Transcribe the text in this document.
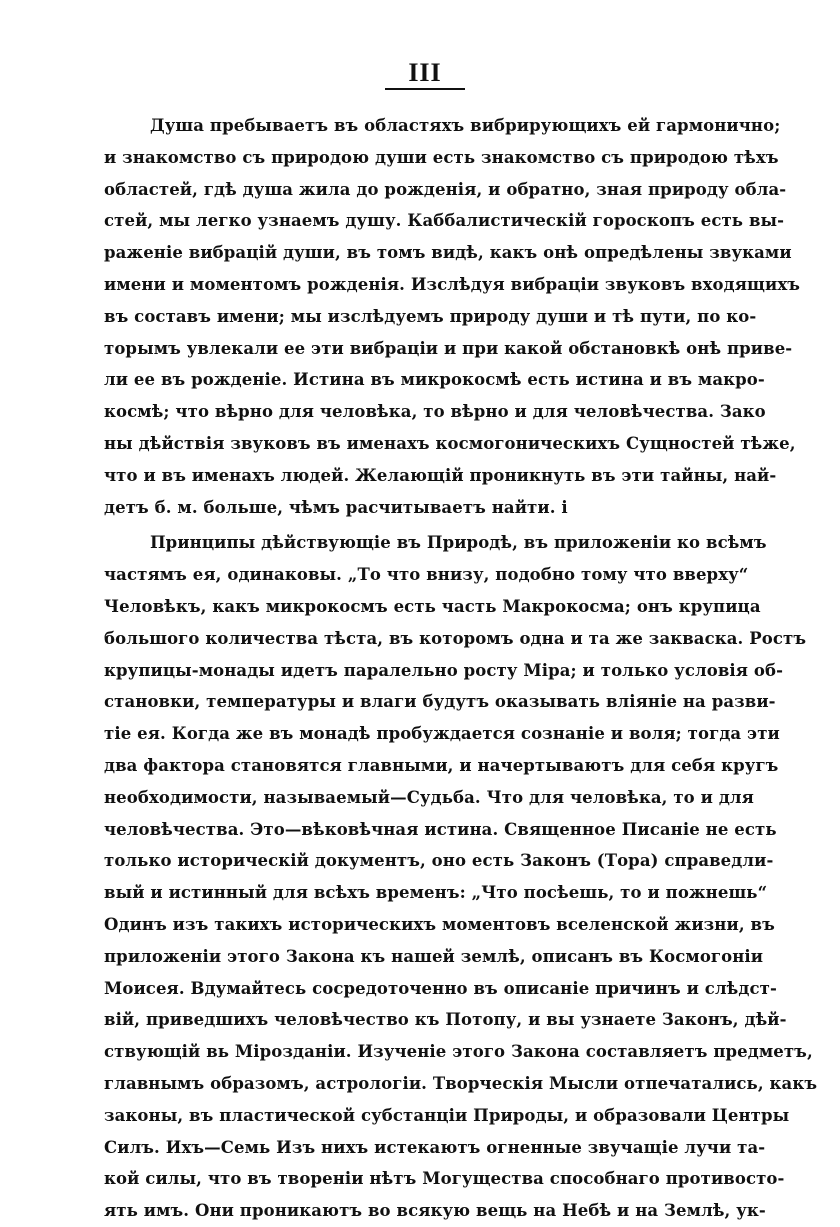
III
Душа пребываетъ въ областяхъ вибрирующихъ ей гармонично;
и знакомство съ природою души есть знакомство съ природою тѣхъ
областей, гдѣ душа жила до рожденія, и обратно, зная природу обла-
стей, мы легко узнаемъ душу. Каббалистическій гороскопъ есть вы-
раженіе вибрацій души, въ томъ видѣ, какъ онѣ опредѣлены звуками
имени и моментомъ рожденія. Изслѣдуя вибраціи звуковъ входящихъ
въ составъ имени; мы изслѣдуемъ природу души и тѣ пути, по ко-
торымъ увлекали ее эти вибраціи и при какой обстановкѣ онѣ приве-
ли ее въ рожденіе. Истина въ микрокосмѣ есть истина и въ макро-
космѣ; что вѣрно для человѣка, то вѣрно и для человѣчества. Зако
ны дѣйствія звуковъ въ именахъ космогоническихъ Сущностей тѣже,
что и въ именахъ людей. Желающій проникнуть въ эти тайны, най-
детъ б. м. больше, чѣмъ расчитываетъ найти. і
Принципы дѣйствующіе въ Природѣ, въ приложеніи ко всѣмъ
частямъ ея, одинаковы. „То что внизу, подобно тому что вверху“
Человѣкъ, какъ микрокосмъ есть часть Макрокосма; онъ крупица
большого количества тѣста, въ которомъ одна и та же закваска. Ростъ
крупицы-монады идетъ паралельно росту Міра; и только условія об-
становки, температуры и влаги будутъ оказывать вліяніе на разви-
тіе ея. Когда же въ монадѣ пробуждается сознаніе и воля; тогда эти
два фактора становятся главными, и начертываютъ для себя кругъ
необходимости, называемый—Судьба. Что для человѣка, то и для
человѣчества. Это—вѣковѣчная истина. Священное Писаніе не есть
только историческій документъ, оно есть Законъ (Тора) справедли-
вый и истинный для всѣхъ временъ: „Что посѣешь, то и пожнешь“
Одинъ изъ такихъ историческихъ моментовъ вселенской жизни, въ
приложеніи этого Закона къ нашей землѣ, описанъ въ Космогоніи
Моисея. Вдумайтесь сосредоточенно въ описаніе причинъ и слѣдст-
вій, приведшихъ человѣчество къ Потопу, и вы узнаете Законъ, дѣй-
ствующій вь Мірозданіи. Изученіе этого Закона составляетъ предметъ,
главнымъ образомъ, астрологіи. Творческія Мысли отпечатались, какъ
законы, въ пластической субстанціи Природы, и образовали Центры
Силъ. Ихъ—Семь Изъ нихъ истекаютъ огненные звучащіе лучи та-
кой силы, что въ твореніи нѣтъ Могущества способнаго противосто-
ять имъ. Они проникаютъ во всякую вещь на Небѣ и на Землѣ, ук-
